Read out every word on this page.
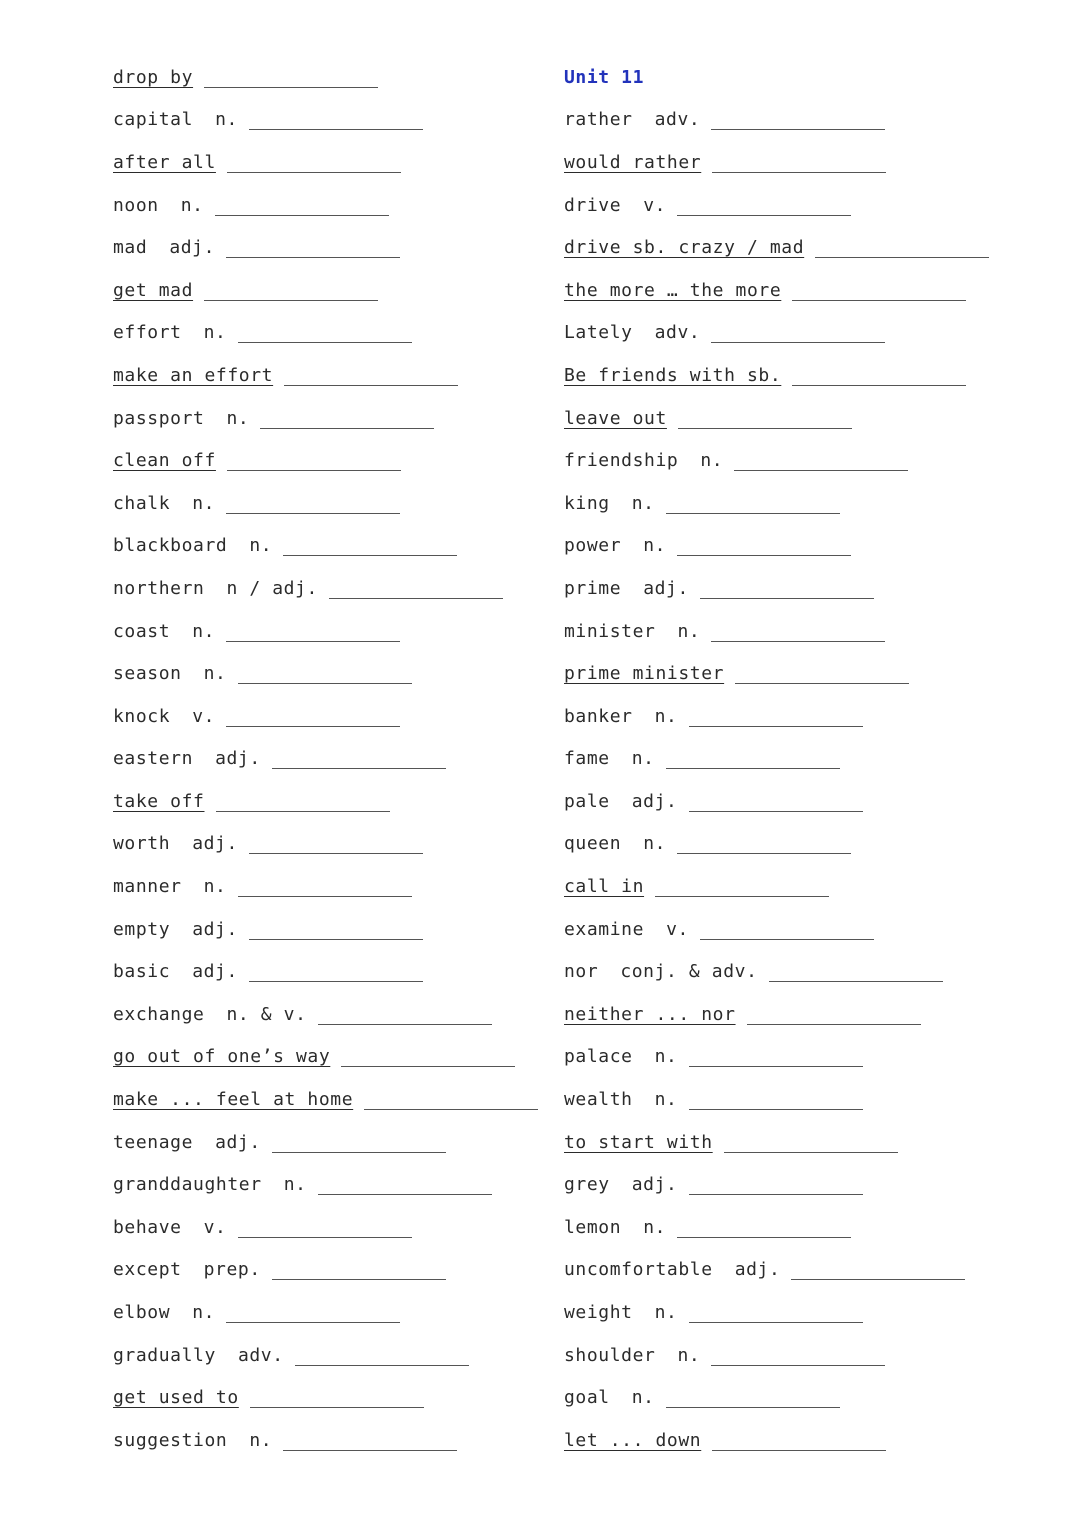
drop by
capital n.
after all
noon n.
mad adj.
get mad
effort n.
make an effort
passport n.
clean off
chalk n.
blackboard n.
northern n / adj.
coast n.
season n.
knock v.
eastern adj.
take off
worth adj.
manner n.
empty adj.
basic adj.
exchange n. & v.
go out of one’s way
make ... feel at home
teenage adj.
granddaughter n.
behave v.
except prep.
elbow n.
gradually adv.
get used to
suggestion n.
Unit 11
rather adv.
would rather
drive v.
drive sb. crazy / mad
the more … the more
Lately adv.
Be friends with sb.
leave out
friendship n.
king n.
power n.
prime adj.
minister n.
prime minister
banker n.
fame n.
pale adj.
queen n.
call in
examine v.
nor conj. & adv.
neither ... nor
palace n.
wealth n.
to start with
grey adj.
lemon n.
uncomfortable adj.
weight n.
shoulder n.
goal n.
let ... down
